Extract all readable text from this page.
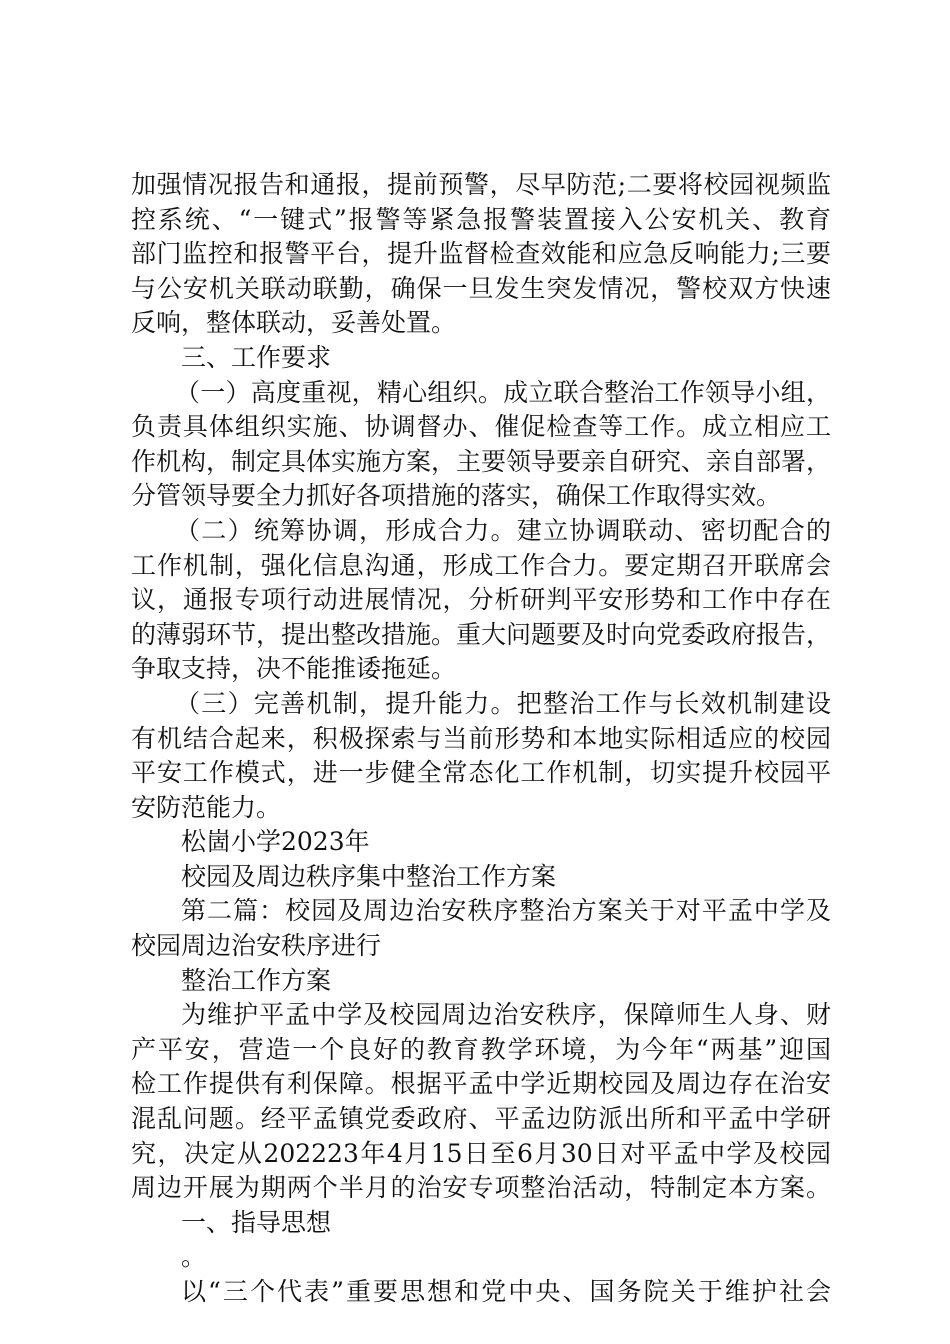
加强情况报告和通报，提前预警，尽早防范;二要将校园视频监
控系统、“一键式”报警等紧急报警装置接入公安机关、教育
部门监控和报警平台，提升监督检查效能和应急反响能力;三要
与公安机关联动联勤，确保一旦发生突发情况，警校双方快速
反响，整体联动，妥善处置。
三、工作要求
（一）高度重视，精心组织。成立联合整治工作领导小组，
负责具体组织实施、协调督办、催促检查等工作。成立相应工
作机构，制定具体实施方案，主要领导要亲自研究、亲自部署，
分管领导要全力抓好各项措施的落实，确保工作取得实效。
（二）统筹协调，形成合力。建立协调联动、密切配合的
工作机制，强化信息沟通，形成工作合力。要定期召开联席会
议，通报专项行动进展情况，分析研判平安形势和工作中存在
的薄弱环节，提出整改措施。重大问题要及时向党委政府报告，
争取支持，决不能推诿拖延。
（三）完善机制，提升能力。把整治工作与长效机制建设
有机结合起来，积极探索与当前形势和本地实际相适应的校园
平安工作模式，进一步健全常态化工作机制，切实提升校园平
安防范能力。
松崮小学2023年
校园及周边秩序集中整治工作方案
第二篇：校园及周边治安秩序整治方案关于对平孟中学及
校园周边治安秩序进行
整治工作方案
为维护平孟中学及校园周边治安秩序，保障师生人身、财
产平安，营造一个良好的教育教学环境，为今年“两基”迎国
检工作提供有利保障。根据平孟中学近期校园及周边存在治安
混乱问题。经平孟镇党委政府、平孟边防派出所和平孟中学研
究，决定从202223年4月15日至6月30日对平孟中学及校园
周边开展为期两个半月的治安专项整治活动，特制定本方案。
一、指导思想
。
以“三个代表”重要思想和党中央、国务院关于维护社会
